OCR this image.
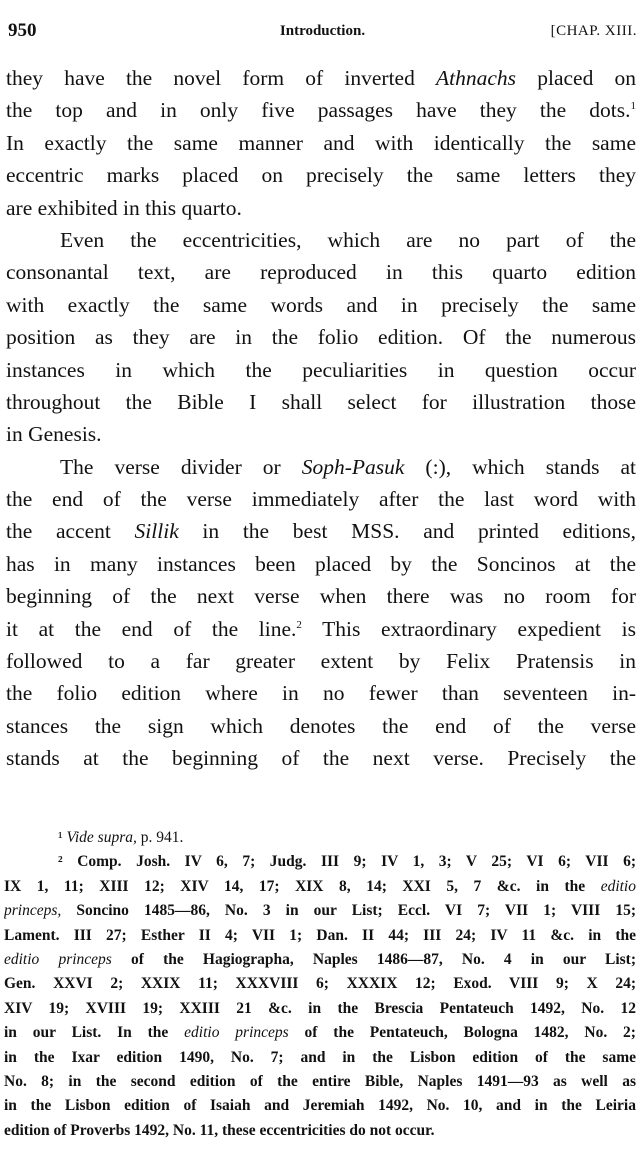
950	Introduction.	[CHAP. XIII.
they have the novel form of inverted Athnachs placed on
the top and in only five passages have they the dots.$^1$
In exactly the same manner and with identically the same
eccentric marks placed on precisely the same letters they
are exhibited in this quarto.
Even the eccentricities, which are no part of the
consonantal text, are reproduced in this quarto edition
with exactly the same words and in precisely the same
position as they are in the folio edition. Of the numerous
instances in which the peculiarities in question occur
throughout the Bible I shall select for illustration those
in Genesis.
The verse divider or Soph-Pasuk (:), which stands at
the end of the verse immediately after the last word with
the accent Sillik in the best MSS. and printed editions,
has in many instances been placed by the Soncinos at the
beginning of the next verse when there was no room for
it at the end of the line.$^2$ This extraordinary expedient is
followed to a far greater extent by Felix Pratensis in
the folio edition where in no fewer than seventeen in-
stances the sign which denotes the end of the verse
stands at the beginning of the next verse. Precisely the
¹ Vide supra, p. 941.
² Comp. Josh. IV 6, 7; Judg. III 9; IV 1, 3; V 25; VI 6; VII 6;
IX 1, 11; XIII 12; XIV 14, 17; XIX 8, 14; XXI 5, 7 &c. in the editio
princeps, Soncino 1485—86, No. 3 in our List; Eccl. VI 7; VII 1; VIII 15;
Lament. III 27; Esther II 4; VII 1; Dan. II 44; III 24; IV 11 &c. in the
editio princeps of the Hagiographa, Naples 1486—87, No. 4 in our List;
Gen. XXVI 2; XXIX 11; XXXVIII 6; XXXIX 12; Exod. VIII 9; X 24;
XIV 19; XVIII 19; XXIII 21 &c. in the Brescia Pentateuch 1492, No. 12
in our List. In the editio princeps of the Pentateuch, Bologna 1482, No. 2;
in the Ixar edition 1490, No. 7; and in the Lisbon edition of the same
No. 8; in the second edition of the entire Bible, Naples 1491—93 as well as
in the Lisbon edition of Isaiah and Jeremiah 1492, No. 10, and in the Leiria
edition of Proverbs 1492, No. 11, these eccentricities do not occur.
